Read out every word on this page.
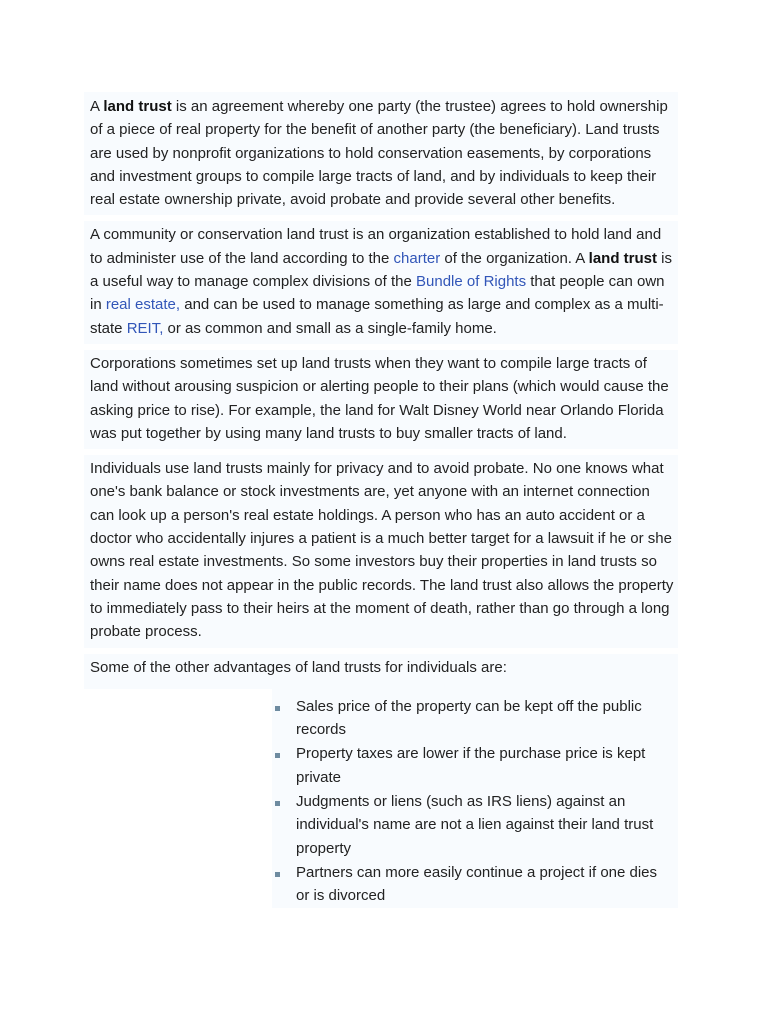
A land trust is an agreement whereby one party (the trustee) agrees to hold ownership of a piece of real property for the benefit of another party (the beneficiary). Land trusts are used by nonprofit organizations to hold conservation easements, by corporations and investment groups to compile large tracts of land, and by individuals to keep their real estate ownership private, avoid probate and provide several other benefits.

A community or conservation land trust is an organization established to hold land and to administer use of the land according to the charter of the organization. A land trust is a useful way to manage complex divisions of the Bundle of Rights that people can own in real estate, and can be used to manage something as large and complex as a multi-state REIT, or as common and small as a single-family home.

Corporations sometimes set up land trusts when they want to compile large tracts of land without arousing suspicion or alerting people to their plans (which would cause the asking price to rise). For example, the land for Walt Disney World near Orlando Florida was put together by using many land trusts to buy smaller tracts of land.

Individuals use land trusts mainly for privacy and to avoid probate. No one knows what one's bank balance or stock investments are, yet anyone with an internet connection can look up a person's real estate holdings. A person who has an auto accident or a doctor who accidentally injures a patient is a much better target for a lawsuit if he or she owns real estate investments. So some investors buy their properties in land trusts so their name does not appear in the public records. The land trust also allows the property to immediately pass to their heirs at the moment of death, rather than go through a long probate process.

Some of the other advantages of land trusts for individuals are:

Sales price of the property can be kept off the public records
Property taxes are lower if the purchase price is kept private
Judgments or liens (such as IRS liens) against an individual's name are not a lien against their land trust property
Partners can more easily continue a project if one dies or is divorced
